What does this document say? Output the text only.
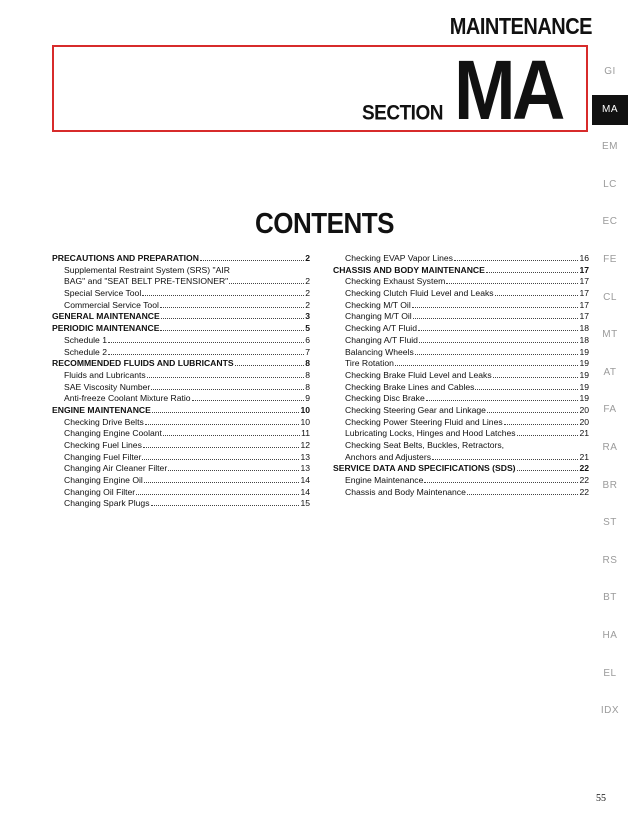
MAINTENANCE
SECTION MA	GI
MA
EM
LC
EC
FE
CL
MT
AT
FA
RA
BR
ST
RS
BT
HA
EL
IDX
CONTENTS
PRECAUTIONS AND PREPARATION	2
Supplemental Restraint System (SRS) "AIR
BAG" and "SEAT BELT PRE-TENSIONER"	2
Special Service Tool	2
Commercial Service Tool	2
GENERAL MAINTENANCE	3
PERIODIC MAINTENANCE	5
Schedule 1	6
Schedule 2	7
RECOMMENDED FLUIDS AND LUBRICANTS	8
Fluids and Lubricants	8
SAE Viscosity Number	8
Anti-freeze Coolant Mixture Ratio	9
ENGINE MAINTENANCE	10
Checking Drive Belts	10
Changing Engine Coolant	11
Checking Fuel Lines	12
Changing Fuel Filter	13
Changing Air Cleaner Filter	13
Changing Engine Oil	14
Changing Oil Filter	14
Changing Spark Plugs	15
Checking EVAP Vapor Lines	16
CHASSIS AND BODY MAINTENANCE	17
Checking Exhaust System	17
Checking Clutch Fluid Level and Leaks	17
Checking M/T Oil	17
Changing M/T Oil	17
Checking A/T Fluid	18
Changing A/T Fluid	18
Balancing Wheels	19
Tire Rotation	19
Checking Brake Fluid Level and Leaks	19
Checking Brake Lines and Cables	19
Checking Disc Brake	19
Checking Steering Gear and Linkage	20
Checking Power Steering Fluid and Lines	20
Lubricating Locks, Hinges and Hood Latches	21
Checking Seat Belts, Buckles, Retractors,
Anchors and Adjusters	21
SERVICE DATA AND SPECIFICATIONS (SDS)	22
Engine Maintenance	22
Chassis and Body Maintenance	22
55
